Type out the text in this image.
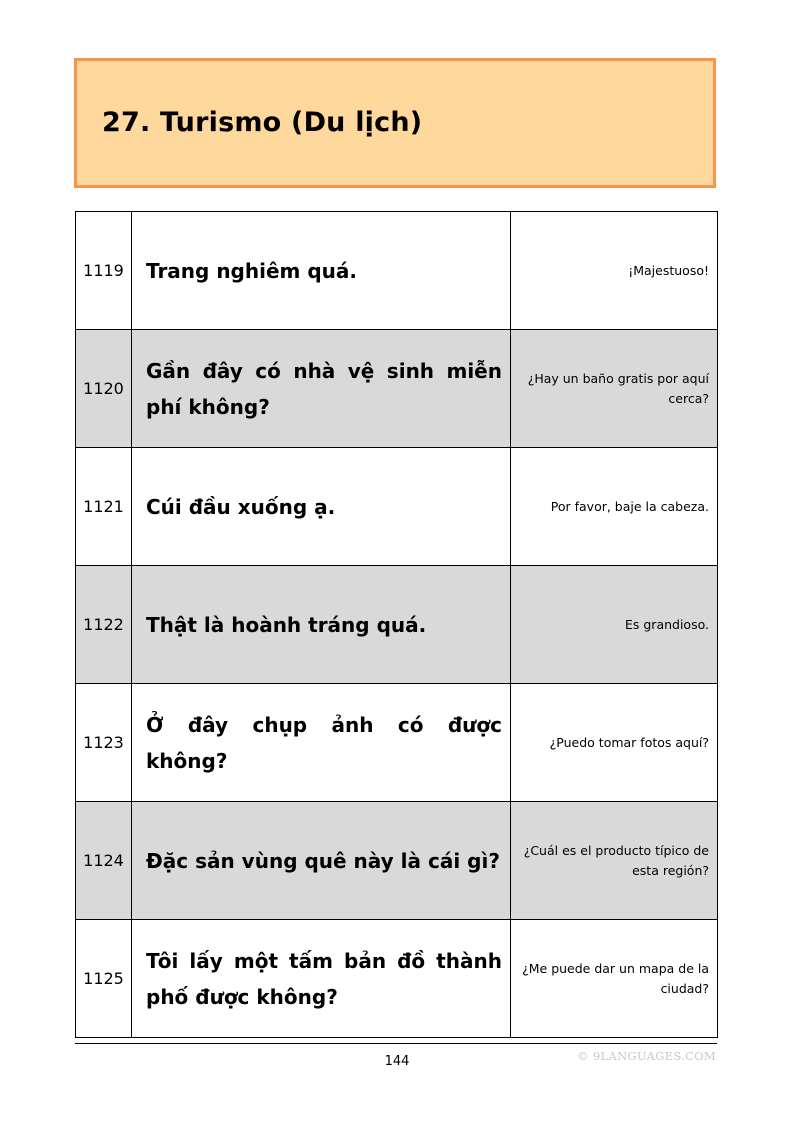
27. Turismo (Du lịch)
1119	Trang nghiêm quá.	¡Majestuoso!
1120	Gần đây có nhà vệ sinh miễn phí không?	¿Hay un baño gratis por aquí cerca?
1121	Cúi đầu xuống ạ.	Por favor, baje la cabeza.
1122	Thật là hoành tráng quá.	Es grandioso.
1123	Ở đây chụp ảnh có được không?	¿Puedo tomar fotos aquí?
1124	Đặc sản vùng quê này là cái gì?	¿Cuál es el producto típico de esta región?
1125	Tôi lấy một tấm bản đồ thành phố được không?	¿Me puede dar un mapa de la ciudad?
144	© 9LANGUAGES.COM
